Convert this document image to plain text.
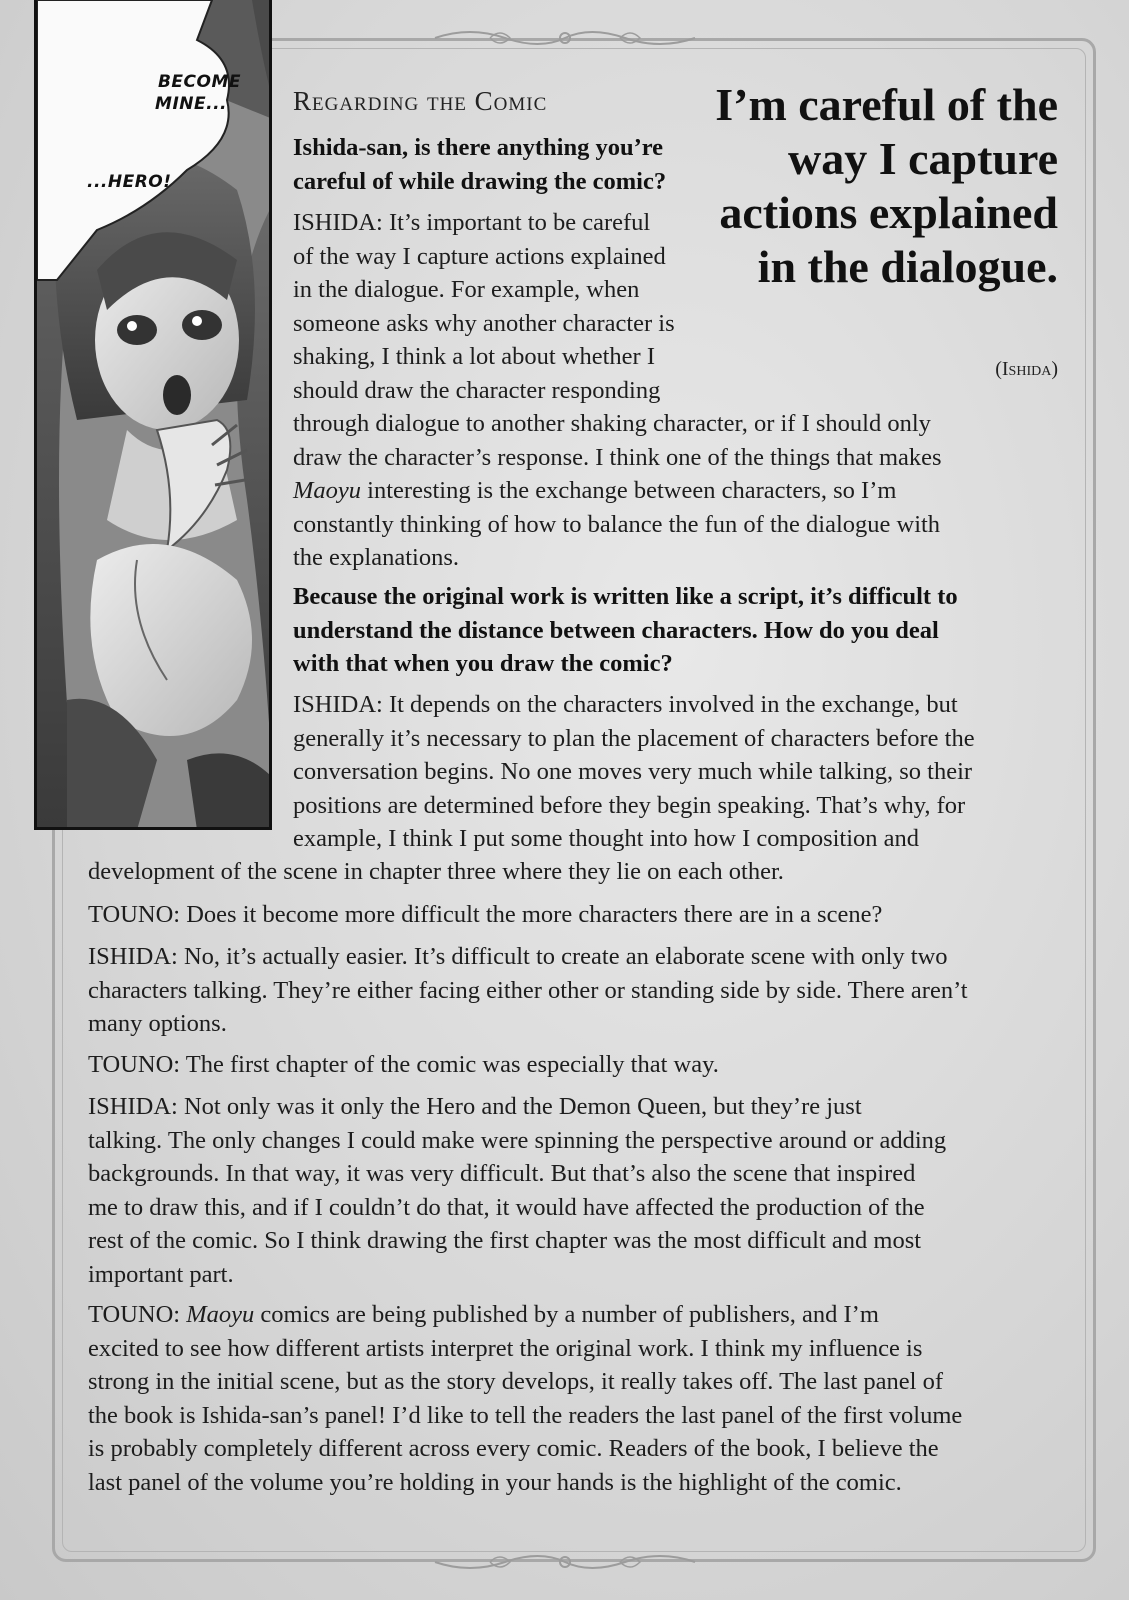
BECOME
MINE...
...HERO!
Regarding the Comic	I’m careful of the way I capture actions explained in the dialogue.
(Ishida)

Ishida-san, is there anything you’re

careful of while drawing the comic?

ISHIDA: It’s important to be careful

of the way I capture actions explained

in the dialogue. For example, when

someone asks why another character is

shaking, I think a lot about whether I

should draw the character responding

through dialogue to another shaking character, or if I should only

draw the character’s response. I think one of the things that makes

Maoyu interesting is the exchange between characters, so I’m

constantly thinking of how to balance the fun of the dialogue with

the explanations.

Because the original work is written like a script, it’s difficult to

understand the distance between characters. How do you deal

with that when you draw the comic?

ISHIDA: It depends on the characters involved in the exchange, but

generally it’s necessary to plan the placement of characters before the

conversation begins. No one moves very much while talking, so their

positions are determined before they begin speaking. That’s why, for

example, I think I put some thought into how I composition and

development of the scene in chapter three where they lie on each other.
TOUNO: Does it become more difficult the more characters there are in a scene?

ISHIDA: No, it’s actually easier. It’s difficult to create an elaborate scene with only two

characters talking. They’re either facing either other or standing side by side. There aren’t

many options.

TOUNO: The first chapter of the comic was especially that way.

ISHIDA: Not only was it only the Hero and the Demon Queen, but they’re just

talking. The only changes I could make were spinning the perspective around or adding

backgrounds. In that way, it was very difficult. But that’s also the scene that inspired

me to draw this, and if I couldn’t do that, it would have affected the production of the

rest of the comic. So I think drawing the first chapter was the most difficult and most

important part.

TOUNO: Maoyu comics are being published by a number of publishers, and I’m

excited to see how different artists interpret the original work. I think my influence is

strong in the initial scene, but as the story develops, it really takes off. The last panel of

the book is Ishida-san’s panel! I’d like to tell the readers the last panel of the first volume

is probably completely different across every comic. Readers of the book, I believe the

last panel of the volume you’re holding in your hands is the highlight of the comic.
